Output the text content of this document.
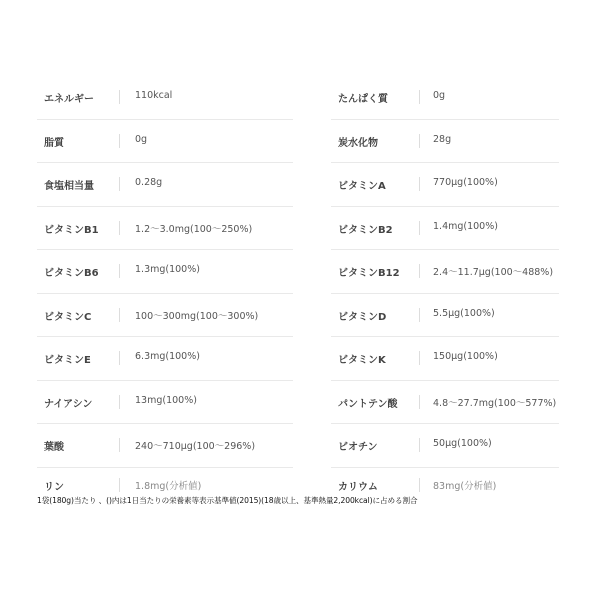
エネルギー	110kcal	たんぱく質	0g
脂質	0g	炭水化物	28g
食塩相当量	0.28g	ビタミンA	770μg(100%)
ビタミンB1	1.2～3.0mg(100～250%)	ビタミンB2	1.4mg(100%)
ビタミンB6	1.3mg(100%)	ビタミンB12	2.4～11.7μg(100～488%)
ビタミンC	100～300mg(100～300%)	ビタミンD	5.5μg(100%)
ビタミンE	6.3mg(100%)	ビタミンK	150μg(100%)
ナイアシン	13mg(100%)	パントテン酸	4.8～27.7mg(100～577%)
葉酸	240～710μg(100～296%)	ビオチン	50μg(100%)
リン	1.8mg(分析値)	カリウム	83mg(分析値)
1袋(180g)当たり 、()内は1日当たりの栄養素等表示基準値(2015)(18歳以上、基準熱量2,200kcal)に占める割合
